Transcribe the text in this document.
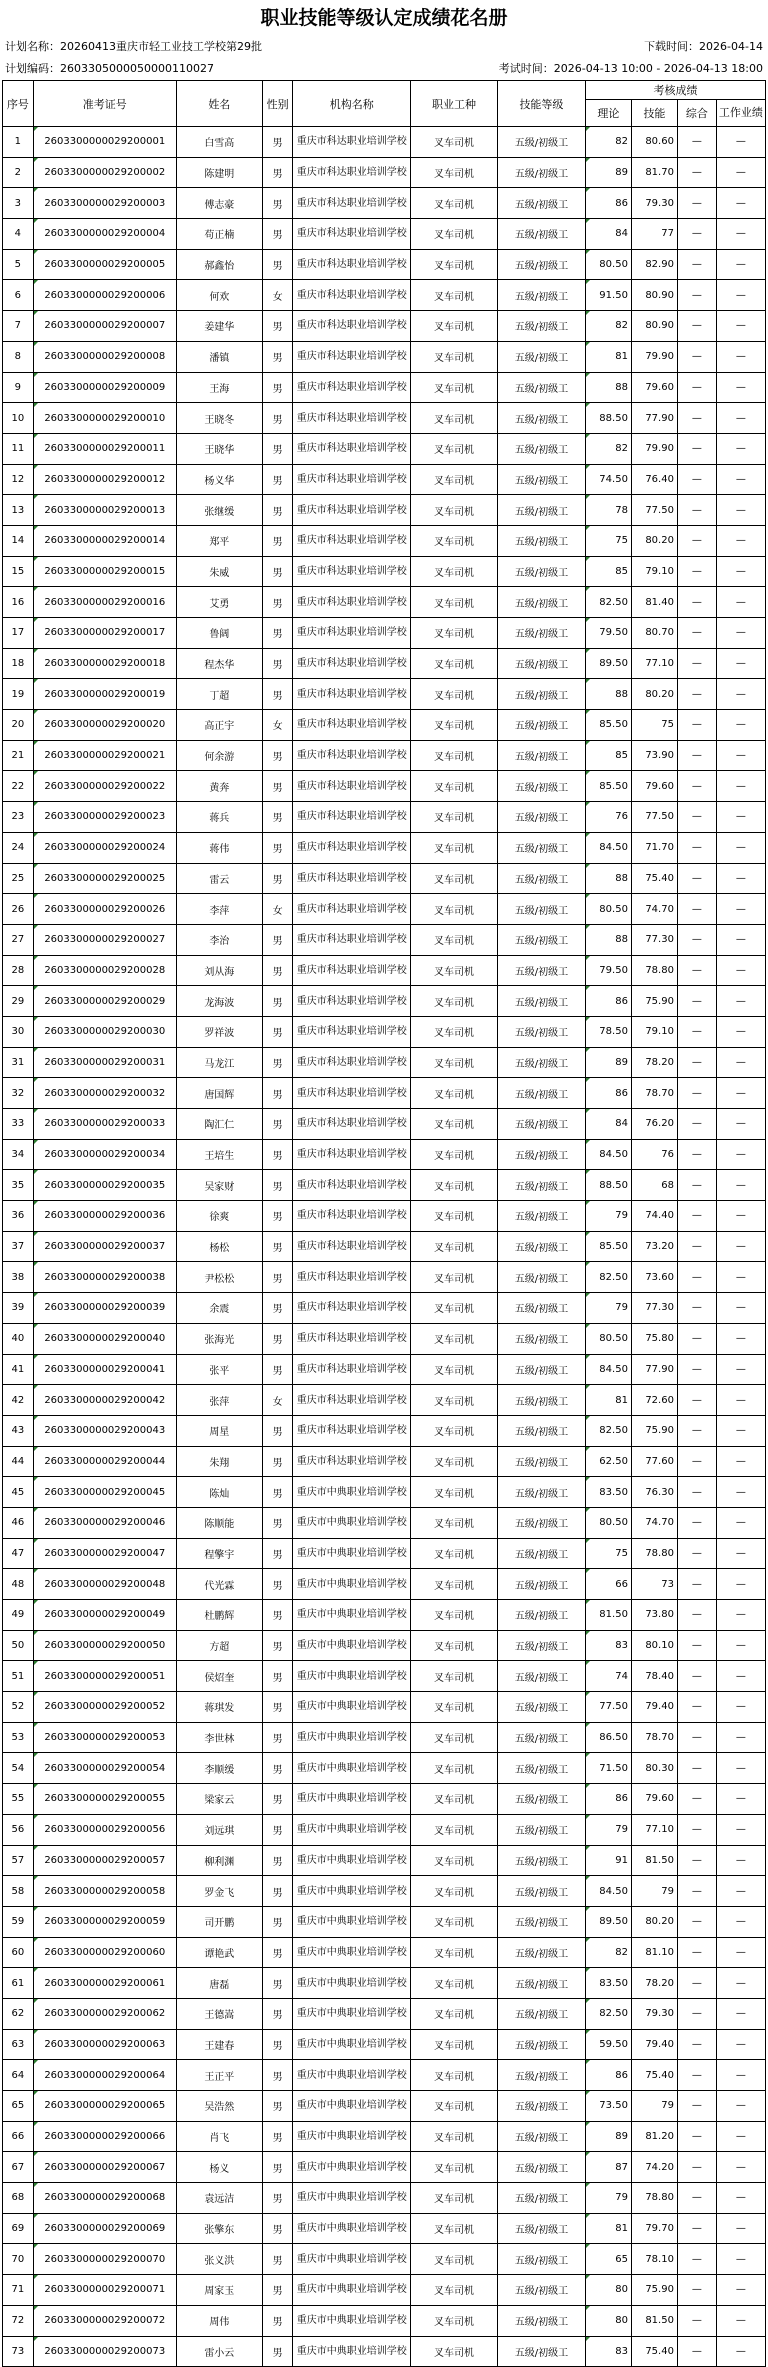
职业技能等级认定成绩花名册
计划名称：20260413重庆市轻工业技工学校第29批	下载时间：2026-04-14
计划编码：2603305000050000110027	考试时间：2026-04-13 10:00 - 2026-04-13 18:00
序号	准考证号	姓名	性别	机构名称	职业工种	技能等级	考核成绩			
							理论	技能	综合	工作业绩
1	2603300000029200001	白雪高	男	重庆市科达职业培训学校	叉车司机	五级/初级工	82	80.60	—	—
2	2603300000029200002	陈建明	男	重庆市科达职业培训学校	叉车司机	五级/初级工	89	81.70	—	—
3	2603300000029200003	傅志豪	男	重庆市科达职业培训学校	叉车司机	五级/初级工	86	79.30	—	—
4	2603300000029200004	苟正楠	男	重庆市科达职业培训学校	叉车司机	五级/初级工	84	77	—	—
5	2603300000029200005	郝鑫怡	男	重庆市科达职业培训学校	叉车司机	五级/初级工	80.50	82.90	—	—
6	2603300000029200006	何欢	女	重庆市科达职业培训学校	叉车司机	五级/初级工	91.50	80.90	—	—
7	2603300000029200007	姜建华	男	重庆市科达职业培训学校	叉车司机	五级/初级工	82	80.90	—	—
8	2603300000029200008	潘镇	男	重庆市科达职业培训学校	叉车司机	五级/初级工	81	79.90	—	—
9	2603300000029200009	王海	男	重庆市科达职业培训学校	叉车司机	五级/初级工	88	79.60	—	—
10	2603300000029200010	王晓冬	男	重庆市科达职业培训学校	叉车司机	五级/初级工	88.50	77.90	—	—
11	2603300000029200011	王晓华	男	重庆市科达职业培训学校	叉车司机	五级/初级工	82	79.90	—	—
12	2603300000029200012	杨义华	男	重庆市科达职业培训学校	叉车司机	五级/初级工	74.50	76.40	—	—
13	2603300000029200013	张继缓	男	重庆市科达职业培训学校	叉车司机	五级/初级工	78	77.50	—	—
14	2603300000029200014	郑平	男	重庆市科达职业培训学校	叉车司机	五级/初级工	75	80.20	—	—
15	2603300000029200015	朱威	男	重庆市科达职业培训学校	叉车司机	五级/初级工	85	79.10	—	—
16	2603300000029200016	艾勇	男	重庆市科达职业培训学校	叉车司机	五级/初级工	82.50	81.40	—	—
17	2603300000029200017	鲁阔	男	重庆市科达职业培训学校	叉车司机	五级/初级工	79.50	80.70	—	—
18	2603300000029200018	程杰华	男	重庆市科达职业培训学校	叉车司机	五级/初级工	89.50	77.10	—	—
19	2603300000029200019	丁超	男	重庆市科达职业培训学校	叉车司机	五级/初级工	88	80.20	—	—
20	2603300000029200020	高正宇	女	重庆市科达职业培训学校	叉车司机	五级/初级工	85.50	75	—	—
21	2603300000029200021	何余游	男	重庆市科达职业培训学校	叉车司机	五级/初级工	85	73.90	—	—
22	2603300000029200022	黄奔	男	重庆市科达职业培训学校	叉车司机	五级/初级工	85.50	79.60	—	—
23	2603300000029200023	蒋兵	男	重庆市科达职业培训学校	叉车司机	五级/初级工	76	77.50	—	—
24	2603300000029200024	蒋伟	男	重庆市科达职业培训学校	叉车司机	五级/初级工	84.50	71.70	—	—
25	2603300000029200025	雷云	男	重庆市科达职业培训学校	叉车司机	五级/初级工	88	75.40	—	—
26	2603300000029200026	李萍	女	重庆市科达职业培训学校	叉车司机	五级/初级工	80.50	74.70	—	—
27	2603300000029200027	李治	男	重庆市科达职业培训学校	叉车司机	五级/初级工	88	77.30	—	—
28	2603300000029200028	刘从海	男	重庆市科达职业培训学校	叉车司机	五级/初级工	79.50	78.80	—	—
29	2603300000029200029	龙海波	男	重庆市科达职业培训学校	叉车司机	五级/初级工	86	75.90	—	—
30	2603300000029200030	罗祥波	男	重庆市科达职业培训学校	叉车司机	五级/初级工	78.50	79.10	—	—
31	2603300000029200031	马龙江	男	重庆市科达职业培训学校	叉车司机	五级/初级工	89	78.20	—	—
32	2603300000029200032	唐国辉	男	重庆市科达职业培训学校	叉车司机	五级/初级工	86	78.70	—	—
33	2603300000029200033	陶汇仁	男	重庆市科达职业培训学校	叉车司机	五级/初级工	84	76.20	—	—
34	2603300000029200034	王培生	男	重庆市科达职业培训学校	叉车司机	五级/初级工	84.50	76	—	—
35	2603300000029200035	吴家财	男	重庆市科达职业培训学校	叉车司机	五级/初级工	88.50	68	—	—
36	2603300000029200036	徐爽	男	重庆市科达职业培训学校	叉车司机	五级/初级工	79	74.40	—	—
37	2603300000029200037	杨松	男	重庆市科达职业培训学校	叉车司机	五级/初级工	85.50	73.20	—	—
38	2603300000029200038	尹松松	男	重庆市科达职业培训学校	叉车司机	五级/初级工	82.50	73.60	—	—
39	2603300000029200039	余震	男	重庆市科达职业培训学校	叉车司机	五级/初级工	79	77.30	—	—
40	2603300000029200040	张海光	男	重庆市科达职业培训学校	叉车司机	五级/初级工	80.50	75.80	—	—
41	2603300000029200041	张平	男	重庆市科达职业培训学校	叉车司机	五级/初级工	84.50	77.90	—	—
42	2603300000029200042	张萍	女	重庆市科达职业培训学校	叉车司机	五级/初级工	81	72.60	—	—
43	2603300000029200043	周星	男	重庆市科达职业培训学校	叉车司机	五级/初级工	82.50	75.90	—	—
44	2603300000029200044	朱翔	男	重庆市科达职业培训学校	叉车司机	五级/初级工	62.50	77.60	—	—
45	2603300000029200045	陈灿	男	重庆市中典职业培训学校	叉车司机	五级/初级工	83.50	76.30	—	—
46	2603300000029200046	陈顺能	男	重庆市中典职业培训学校	叉车司机	五级/初级工	80.50	74.70	—	—
47	2603300000029200047	程擎宇	男	重庆市中典职业培训学校	叉车司机	五级/初级工	75	78.80	—	—
48	2603300000029200048	代光霖	男	重庆市中典职业培训学校	叉车司机	五级/初级工	66	73	—	—
49	2603300000029200049	杜鹏辉	男	重庆市中典职业培训学校	叉车司机	五级/初级工	81.50	73.80	—	—
50	2603300000029200050	方超	男	重庆市中典职业培训学校	叉车司机	五级/初级工	83	80.10	—	—
51	2603300000029200051	侯炤奎	男	重庆市中典职业培训学校	叉车司机	五级/初级工	74	78.40	—	—
52	2603300000029200052	蒋琪发	男	重庆市中典职业培训学校	叉车司机	五级/初级工	77.50	79.40	—	—
53	2603300000029200053	李世林	男	重庆市中典职业培训学校	叉车司机	五级/初级工	86.50	78.70	—	—
54	2603300000029200054	李顺缓	男	重庆市中典职业培训学校	叉车司机	五级/初级工	71.50	80.30	—	—
55	2603300000029200055	梁家云	男	重庆市中典职业培训学校	叉车司机	五级/初级工	86	79.60	—	—
56	2603300000029200056	刘远琪	男	重庆市中典职业培训学校	叉车司机	五级/初级工	79	77.10	—	—
57	2603300000029200057	柳利渊	男	重庆市中典职业培训学校	叉车司机	五级/初级工	91	81.50	—	—
58	2603300000029200058	罗金飞	男	重庆市中典职业培训学校	叉车司机	五级/初级工	84.50	79	—	—
59	2603300000029200059	司开鹏	男	重庆市中典职业培训学校	叉车司机	五级/初级工	89.50	80.20	—	—
60	2603300000029200060	谭艳武	男	重庆市中典职业培训学校	叉车司机	五级/初级工	82	81.10	—	—
61	2603300000029200061	唐磊	男	重庆市中典职业培训学校	叉车司机	五级/初级工	83.50	78.20	—	—
62	2603300000029200062	王德嵩	男	重庆市中典职业培训学校	叉车司机	五级/初级工	82.50	79.30	—	—
63	2603300000029200063	王建春	男	重庆市中典职业培训学校	叉车司机	五级/初级工	59.50	79.40	—	—
64	2603300000029200064	王正平	男	重庆市中典职业培训学校	叉车司机	五级/初级工	86	75.40	—	—
65	2603300000029200065	吴浩然	男	重庆市中典职业培训学校	叉车司机	五级/初级工	73.50	79	—	—
66	2603300000029200066	肖飞	男	重庆市中典职业培训学校	叉车司机	五级/初级工	89	81.20	—	—
67	2603300000029200067	杨义	男	重庆市中典职业培训学校	叉车司机	五级/初级工	87	74.20	—	—
68	2603300000029200068	袁远洁	男	重庆市中典职业培训学校	叉车司机	五级/初级工	79	78.80	—	—
69	2603300000029200069	张擎东	男	重庆市中典职业培训学校	叉车司机	五级/初级工	81	79.70	—	—
70	2603300000029200070	张义洪	男	重庆市中典职业培训学校	叉车司机	五级/初级工	65	78.10	—	—
71	2603300000029200071	周家玉	男	重庆市中典职业培训学校	叉车司机	五级/初级工	80	75.90	—	—
72	2603300000029200072	周伟	男	重庆市中典职业培训学校	叉车司机	五级/初级工	80	81.50	—	—
73	2603300000029200073	雷小云	男	重庆市中典职业培训学校	叉车司机	五级/初级工	83	75.40	—	—
